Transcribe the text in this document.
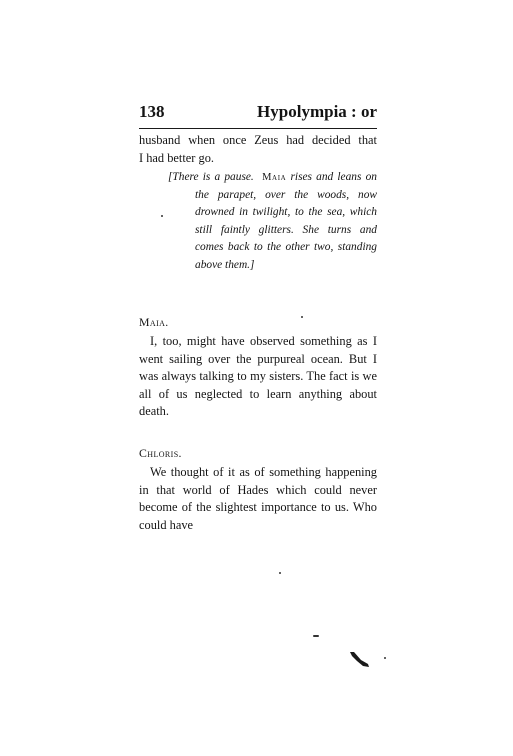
138	Hypolympia : or
husband when once Zeus had decided that
I had better go.

[There is a pause. Maia rises and leans on the parapet, over the woods, now drowned in twilight, to the sea, which still faintly glitters. She turns and comes back to the other two, standing above them.]

Maia.

I, too, might have observed something as I went sailing over the purpureal ocean. But I was always talking to my sisters. The fact is we all of us neglected to learn anything about death.

Chloris.

We thought of it as of something happening in that world of Hades which could never become of the slightest importance to us. Who could have
